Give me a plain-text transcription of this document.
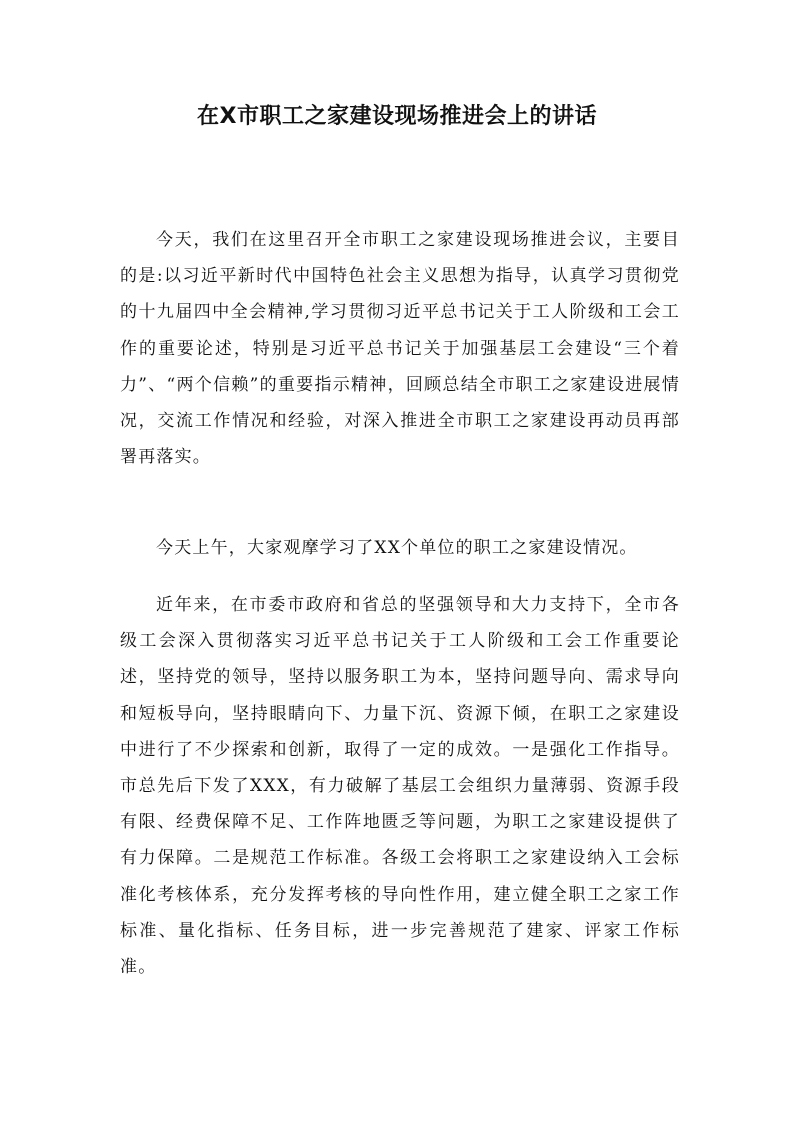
在X市职工之家建设现场推进会上的讲话

今天，我们在这里召开全市职工之家建设现场推进会议，主要目的是:以习近平新时代中国特色社会主义思想为指导，认真学习贯彻党的十九届四中全会精神,学习贯彻习近平总书记关于工人阶级和工会工作的重要论述，特别是习近平总书记关于加强基层工会建设“三个着力”、“两个信赖”的重要指示精神，回顾总结全市职工之家建设进展情况，交流工作情况和经验，对深入推进全市职工之家建设再动员再部署再落实。

今天上午，大家观摩学习了XX个单位的职工之家建设情况。

近年来，在市委市政府和省总的坚强领导和大力支持下，全市各级工会深入贯彻落实习近平总书记关于工人阶级和工会工作重要论述，坚持党的领导，坚持以服务职工为本，坚持问题导向、需求导向和短板导向，坚持眼睛向下、力量下沉、资源下倾，在职工之家建设中进行了不少探索和创新，取得了一定的成效。一是强化工作指导。市总先后下发了XXX，有力破解了基层工会组织力量薄弱、资源手段有限、经费保障不足、工作阵地匮乏等问题，为职工之家建设提供了有力保障。二是规范工作标准。各级工会将职工之家建设纳入工会标准化考核体系，充分发挥考核的导向性作用，建立健全职工之家工作标准、量化指标、任务目标，进一步完善规范了建家、评家工作标准。
